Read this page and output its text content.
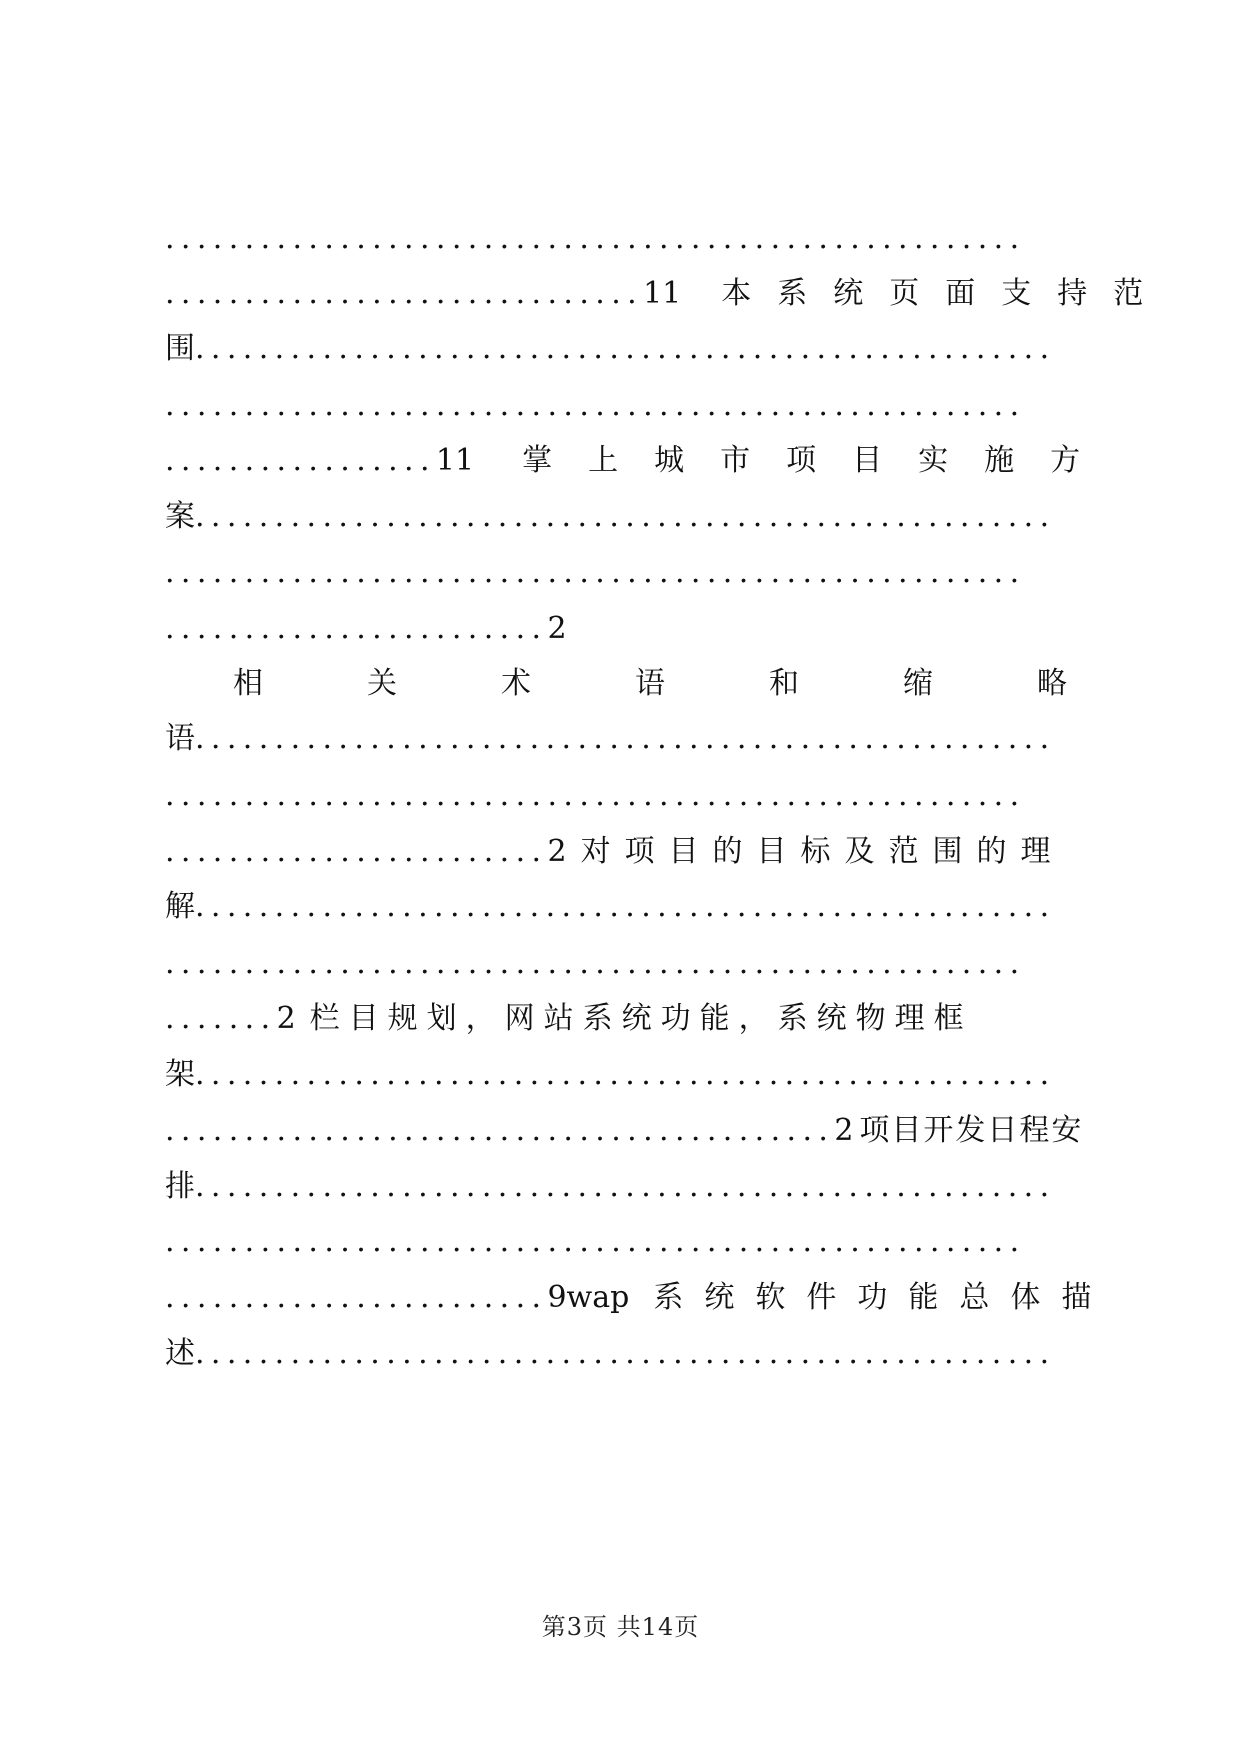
......................................................
.............................. 11	本系统页面支持范
围 ......................................................
......................................................
................. 11	掌上城市项目实施方
案 ......................................................
......................................................
........................ 2
相关术语和缩略
语 ......................................................
......................................................
........................ 2 对项目的目标及范围的理
解 ......................................................
......................................................
....... 2 栏目规划，网站系统功能，系统物理框
架 ......................................................
.......................................... 2 项目开发日程安
排 ......................................................
......................................................
........................ 9wap 系统软件功能总体描
述 ......................................................
第3页 共14页
